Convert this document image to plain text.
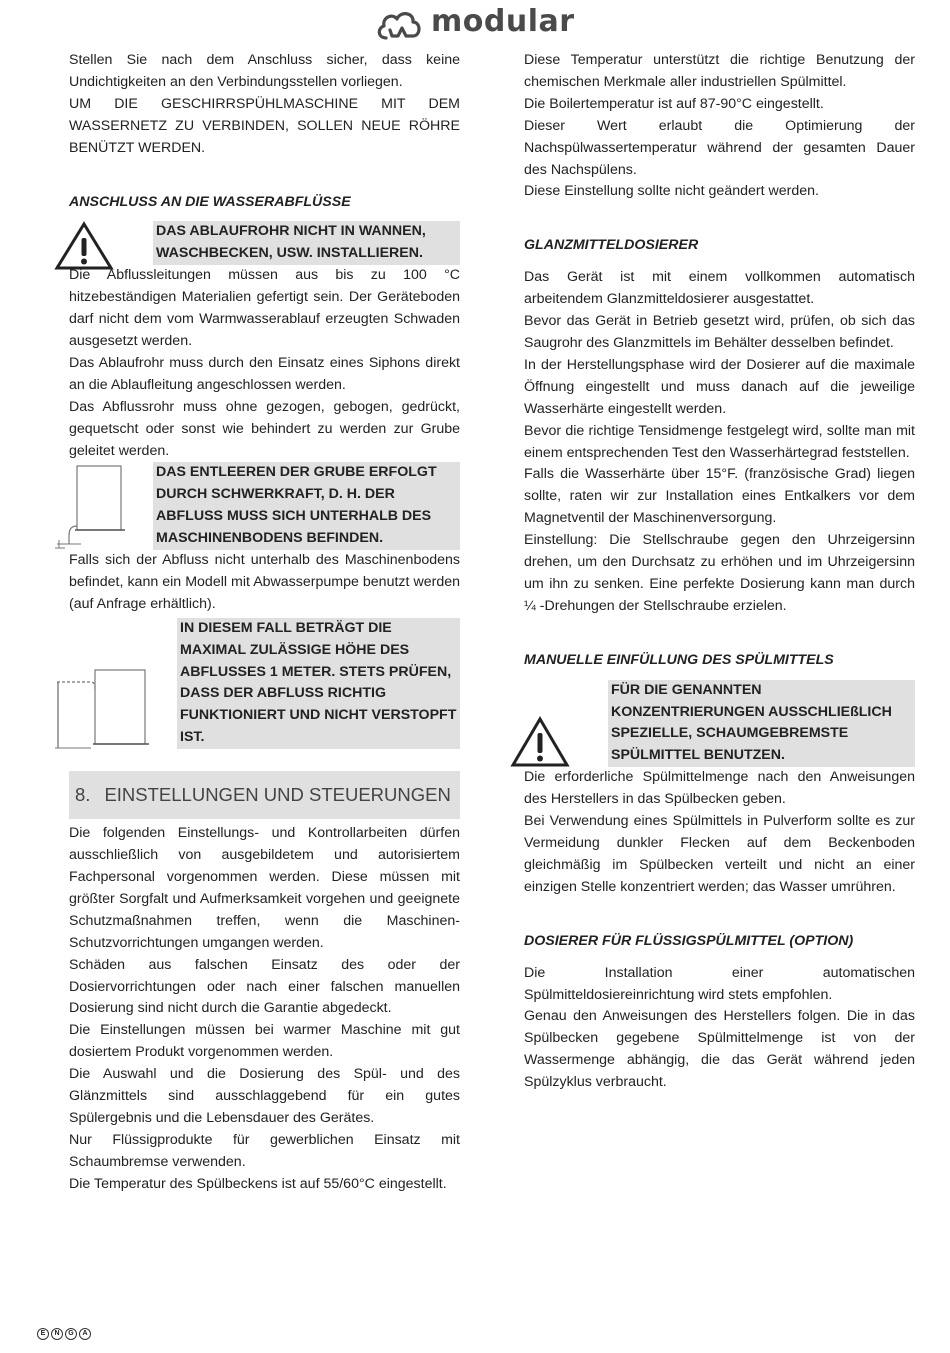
modular

Stellen Sie nach dem Anschluss sicher, dass keine Undichtigkeiten an den Verbindungsstellen vorliegen.

UM DIE GESCHIRRSPÜHLMASCHINE MIT DEM WASSERNETZ ZU VERBINDEN, SOLLEN NEUE RÖHRE BENÜTZT WERDEN.

ANSCHLUSS AN DIE WASSERABFLÜSSE

DAS ABLAUFROHR NICHT IN WANNEN, WASCHBECKEN, USW. INSTALLIEREN.

Die Abflussleitungen müssen aus bis zu 100 °C hitzebeständigen Materialien gefertigt sein. Der Geräteboden darf nicht dem vom Warmwasserablauf erzeugten Schwaden ausgesetzt werden.

Das Ablaufrohr muss durch den Einsatz eines Siphons direkt an die Ablaufleitung angeschlossen werden.

Das Abflussrohr muss ohne gezogen, gebogen, gedrückt, gequetscht oder sonst wie behindert zu werden zur Grube geleitet werden.

DAS ENTLEEREN DER GRUBE ERFOLGT DURCH SCHWERKRAFT, D. H. DER ABFLUSS MUSS SICH UNTERHALB DES MASCHINENBODENS BEFINDEN.

Falls sich der Abfluss nicht unterhalb des Maschinenbodens befindet, kann ein Modell mit Abwasserpumpe benutzt werden (auf Anfrage erhältlich).

IN DIESEM FALL BETRÄGT DIE MAXIMAL ZULÄSSIGE HÖHE DES ABFLUSSES 1 METER. STETS PRÜFEN, DASS DER ABFLUSS RICHTIG FUNKTIONIERT UND NICHT VERSTOPFT IST.

8. EINSTELLUNGEN UND STEUERUNGEN

Die folgenden Einstellungs- und Kontrollarbeiten dürfen ausschließlich von ausgebildetem und autorisiertem Fachpersonal vorgenommen werden. Diese müssen mit größter Sorgfalt und Aufmerksamkeit vorgehen und geeignete Schutzmaßnahmen treffen, wenn die Maschinen-Schutzvorrichtungen umgangen werden.

Schäden aus falschen Einsatz des oder der Dosiervorrichtungen oder nach einer falschen manuellen Dosierung sind nicht durch die Garantie abgedeckt.

Die Einstellungen müssen bei warmer Maschine mit gut dosiertem Produkt vorgenommen werden.

Die Auswahl und die Dosierung des Spül- und des Glänzmittels sind ausschlaggebend für ein gutes Spülergebnis und die Lebensdauer des Gerätes.

Nur Flüssigprodukte für gewerblichen Einsatz mit Schaumbremse verwenden.

Die Temperatur des Spülbeckens ist auf 55/60°C eingestellt.

Diese Temperatur unterstützt die richtige Benutzung der chemischen Merkmale aller industriellen Spülmittel.

Die Boilertemperatur ist auf 87-90°C eingestellt.

Dieser Wert erlaubt die Optimierung der Nachspülwassertemperatur während der gesamten Dauer des Nachspülens.

Diese Einstellung sollte nicht geändert werden.

GLANZMITTELDOSIERER

Das Gerät ist mit einem vollkommen automatisch arbeitendem Glanzmitteldosierer ausgestattet.

Bevor das Gerät in Betrieb gesetzt wird, prüfen, ob sich das Saugrohr des Glanzmittels im Behälter desselben befindet.

In der Herstellungsphase wird der Dosierer auf die maximale Öffnung eingestellt und muss danach auf die jeweilige Wasserhärte eingestellt werden.

Bevor die richtige Tensidmenge festgelegt wird, sollte man mit einem entsprechenden Test den Wasserhärtegrad feststellen.

Falls die Wasserhärte über 15°F. (französische Grad) liegen sollte, raten wir zur Installation eines Entkalkers vor dem Magnetventil der Maschinenversorgung.

Einstellung: Die Stellschraube gegen den Uhrzeigersinn drehen, um den Durchsatz zu erhöhen und im Uhrzeigersinn um ihn zu senken. Eine perfekte Dosierung kann man durch ¼ -Drehungen der Stellschraube erzielen.

MANUELLE EINFÜLLUNG DES SPÜLMITTELS

FÜR DIE GENANNTEN KONZENTRIERUNGEN AUSSCHLIEßLICH SPEZIELLE, SCHAUMGEBREMSTE SPÜLMITTEL BENUTZEN.

Die erforderliche Spülmittelmenge nach den Anweisungen des Herstellers in das Spülbecken geben.

Bei Verwendung eines Spülmittels in Pulverform sollte es zur Vermeidung dunkler Flecken auf dem Beckenboden gleichmäßig im Spülbecken verteilt und nicht an einer einzigen Stelle konzentriert werden; das Wasser umrühren.

DOSIERER FÜR FLÜSSIGSPÜLMITTEL (OPTION)

Die Installation einer automatischen Spülmitteldosiereinrichtung wird stets empfohlen.

Genau den Anweisungen des Herstellers folgen. Die in das Spülbecken gegebene Spülmittelmenge ist von der Wassermenge abhängig, die das Gerät während jeden Spülzyklus verbraucht.

E	N	G	A
